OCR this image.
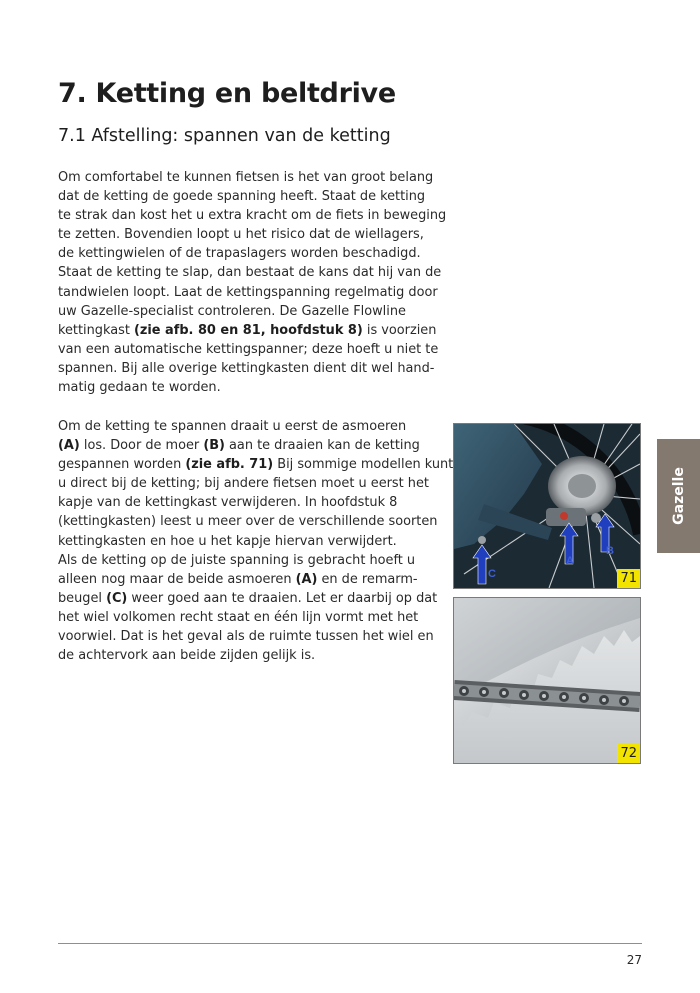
7. Ketting en beltdrive
7.1 Afstelling: spannen van de ketting

Om comfortabel te kunnen fietsen is het van groot belang
dat de ketting de goede spanning heeft. Staat de ketting
te strak dan kost het u extra kracht om de fiets in beweging
te zetten. Bovendien loopt u het risico dat de wiellagers,
de kettingwielen of de trapaslagers worden beschadigd.
Staat de ketting te slap, dan bestaat de kans dat hij van de
tandwielen loopt. Laat de kettingspanning regelmatig door
uw Gazelle-specialist controleren. De Gazelle Flowline
kettingkast (zie afb. 80 en 81, hoofdstuk 8) is voorzien
van een automatische kettingspanner; deze hoeft u niet te
spannen. Bij alle overige kettingkasten dient dit wel hand-
matig gedaan te worden.

Om de ketting te spannen draait u eerst de asmoeren
(A) los. Door de moer (B) aan te draaien kan de ketting
gespannen worden (zie afb. 71) Bij sommige modellen kunt
u direct bij de ketting; bij andere fietsen moet u eerst het
kapje van de kettingkast verwijderen. In hoofdstuk 8
(kettingkasten) leest u meer over de verschillende soorten
kettingkasten en hoe u het kapje hiervan verwijdert.
Als de ketting op de juiste spanning is gebracht hoeft u
alleen nog maar de beide asmoeren (A) en de remarm-
beugel (C) weer goed aan te draaien. Let er daarbij op dat
het wiel volkomen recht staat en één lijn vormt met het
voorwiel. Dat is het geval als de ruimte tussen het wiel en
de achtervork aan beide zijden gelijk is.

C
A
B
71
72
Gazelle
27
